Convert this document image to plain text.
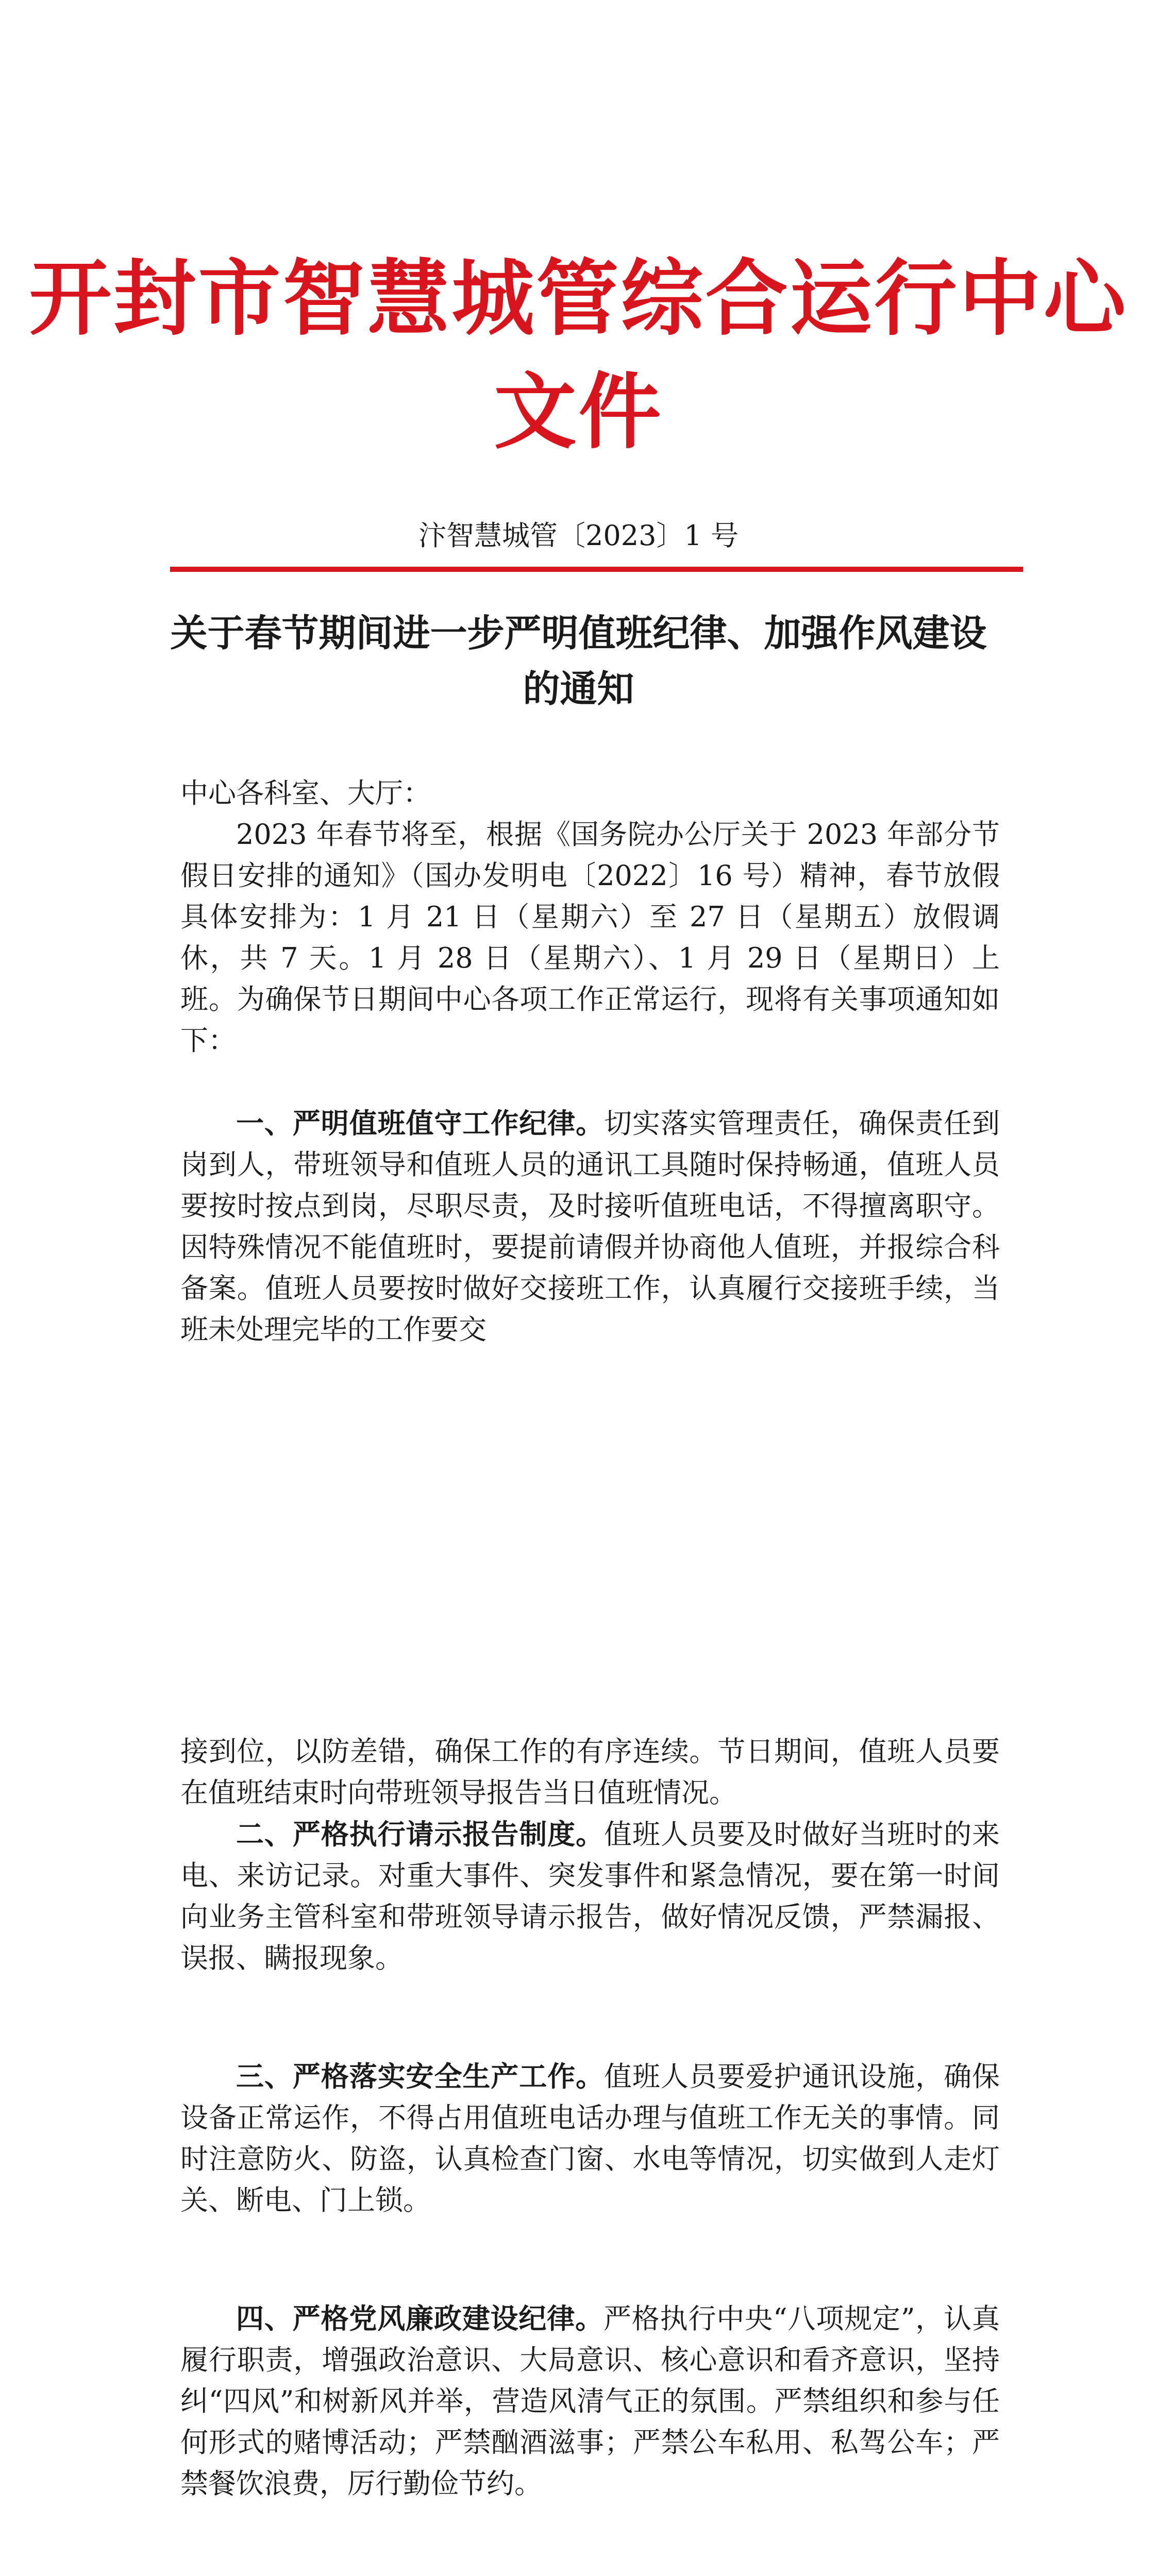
开封市智慧城管综合运行中心文件
汴智慧城管〔2023〕1 号
关于春节期间进一步严明值班纪律、加强作风建设的通知
中心各科室、大厅：

2023 年春节将至，根据《国务院办公厅关于 2023 年部分节假日安排的通知》（国办发明电〔2022〕16 号）精神，春节放假具体安排为：1 月 21 日（星期六）至 27 日（星期五）放假调休，共 7 天。1 月 28 日（星期六）、1 月 29 日（星期日）上班。为确保节日期间中心各项工作正常运行，现将有关事项通知如下：

一、严明值班值守工作纪律。切实落实管理责任，确保责任到岗到人，带班领导和值班人员的通讯工具随时保持畅通，值班人员要按时按点到岗，尽职尽责，及时接听值班电话，不得擅离职守。因特殊情况不能值班时，要提前请假并协商他人值班，并报综合科备案。值班人员要按时做好交接班工作，认真履行交接班手续，当班未处理完毕的工作要交

接到位，以防差错，确保工作的有序连续。节日期间，值班人员要在值班结束时向带班领导报告当日值班情况。

二、严格执行请示报告制度。值班人员要及时做好当班时的来电、来访记录。对重大事件、突发事件和紧急情况，要在第一时间向业务主管科室和带班领导请示报告，做好情况反馈，严禁漏报、误报、瞒报现象。

三、严格落实安全生产工作。值班人员要爱护通讯设施，确保设备正常运作，不得占用值班电话办理与值班工作无关的事情。同时注意防火、防盗，认真检查门窗、水电等情况，切实做到人走灯关、断电、门上锁。

四、严格党风廉政建设纪律。严格执行中央“八项规定”，认真履行职责，增强政治意识、大局意识、核心意识和看齐意识，坚持纠“四风”和树新风并举，营造风清气正的氛围。严禁组织和参与任何形式的赌博活动；严禁酗酒滋事；严禁公车私用、私驾公车；严禁餐饮浪费，厉行勤俭节约。
